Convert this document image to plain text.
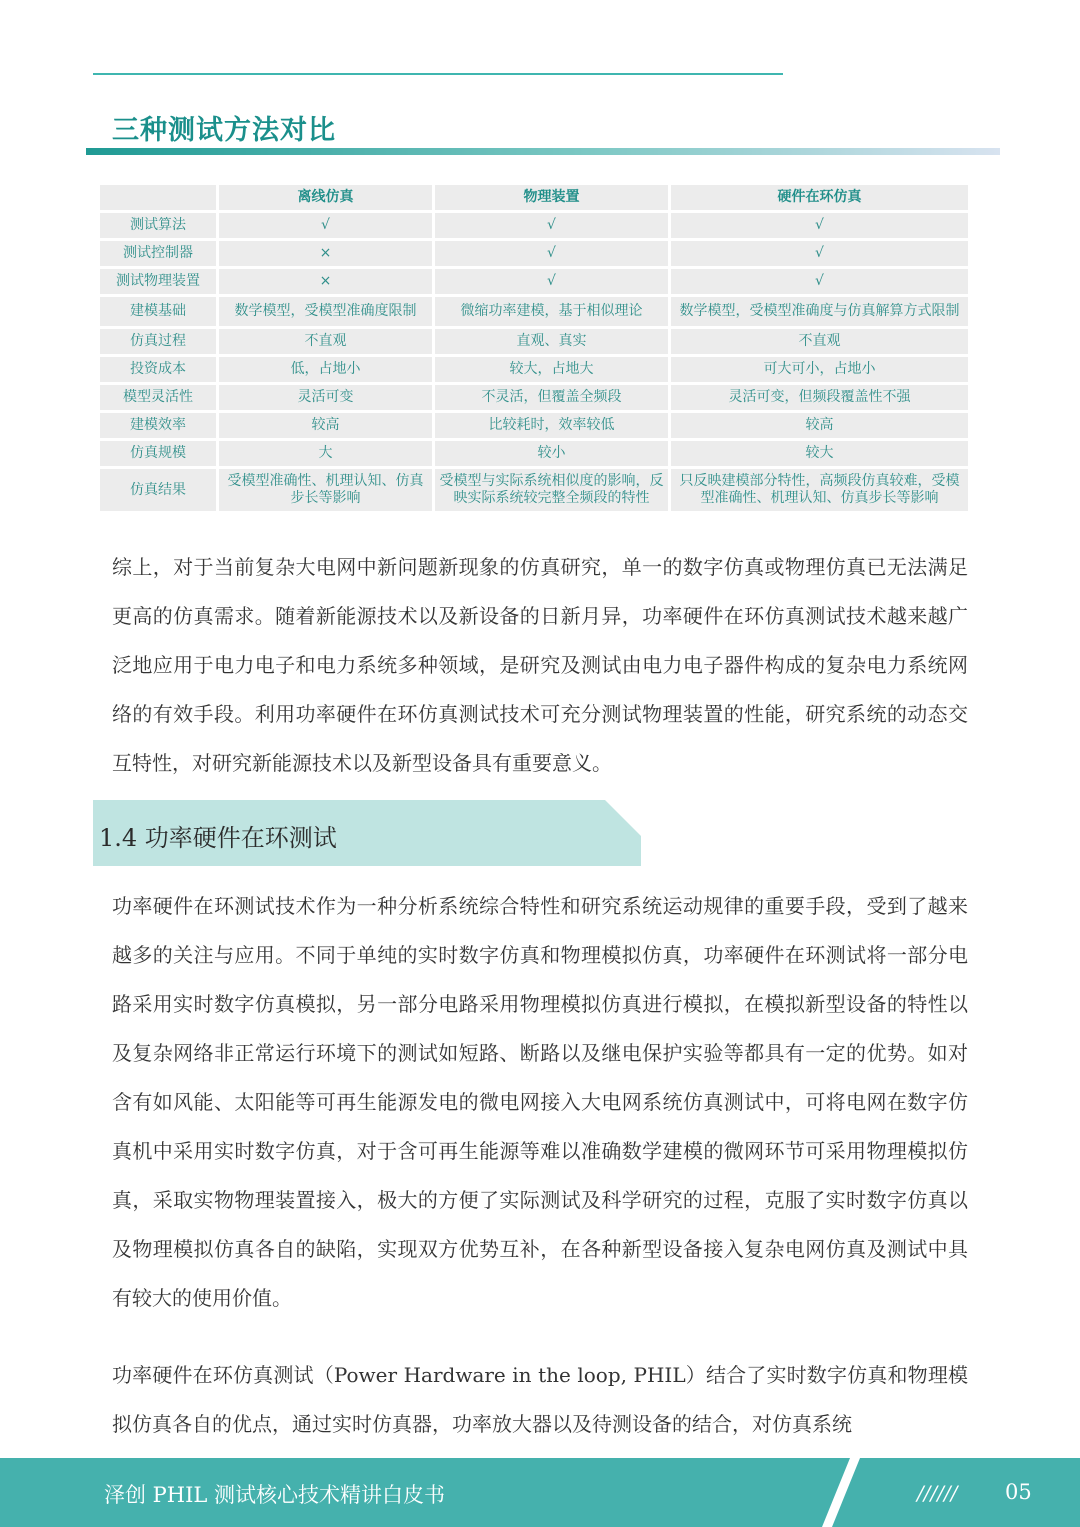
三种测试方法对比
	离线仿真	物理装置	硬件在环仿真
测试算法	√	√	√
测试控制器	×	√	√
测试物理装置	×	√	√
建模基础	数学模型，受模型准确度限制	微缩功率建模，基于相似理论	数学模型，受模型准确度与仿真解算方式限制
仿真过程	不直观	直观、真实	不直观
投资成本	低，占地小	较大，占地大	可大可小，占地小
模型灵活性	灵活可变	不灵活，但覆盖全频段	灵活可变，但频段覆盖性不强
建模效率	较高	比较耗时，效率较低	较高
仿真规模	大	较小	较大
仿真结果	受模型准确性、机理认知、仿真步长等影响	受模型与实际系统相似度的影响，反映实际系统较完整全频段的特性	只反映建模部分特性，高频段仿真较难，受模型准确性、机理认知、仿真步长等影响
综上，对于当前复杂大电网中新问题新现象的仿真研究，单一的数字仿真或物理仿真已无法满足更高的仿真需求。随着新能源技术以及新设备的日新月异，功率硬件在环仿真测试技术越来越广泛地应用于电力电子和电力系统多种领域，是研究及测试由电力电子器件构成的复杂电力系统网络的有效手段。利用功率硬件在环仿真测试技术可充分测试物理装置的性能，研究系统的动态交互特性，对研究新能源技术以及新型设备具有重要意义。
1.4 功率硬件在环测试
功率硬件在环测试技术作为一种分析系统综合特性和研究系统运动规律的重要手段，受到了越来越多的关注与应用。不同于单纯的实时数字仿真和物理模拟仿真，功率硬件在环测试将一部分电路采用实时数字仿真模拟，另一部分电路采用物理模拟仿真进行模拟，在模拟新型设备的特性以及复杂网络非正常运行环境下的测试如短路、断路以及继电保护实验等都具有一定的优势。如对含有如风能、太阳能等可再生能源发电的微电网接入大电网系统仿真测试中，可将电网在数字仿真机中采用实时数字仿真，对于含可再生能源等难以准确数学建模的微网环节可采用物理模拟仿真，采取实物物理装置接入，极大的方便了实际测试及科学研究的过程，克服了实时数字仿真以及物理模拟仿真各自的缺陷，实现双方优势互补，在各种新型设备接入复杂电网仿真及测试中具有较大的使用价值。
功率硬件在环仿真测试（Power Hardware in the loop, PHIL）结合了实时数字仿真和物理模拟仿真各自的优点，通过实时仿真器，功率放大器以及待测设备的结合，对仿真系统
泽创 PHIL 测试核心技术精讲白皮书	////// 05
